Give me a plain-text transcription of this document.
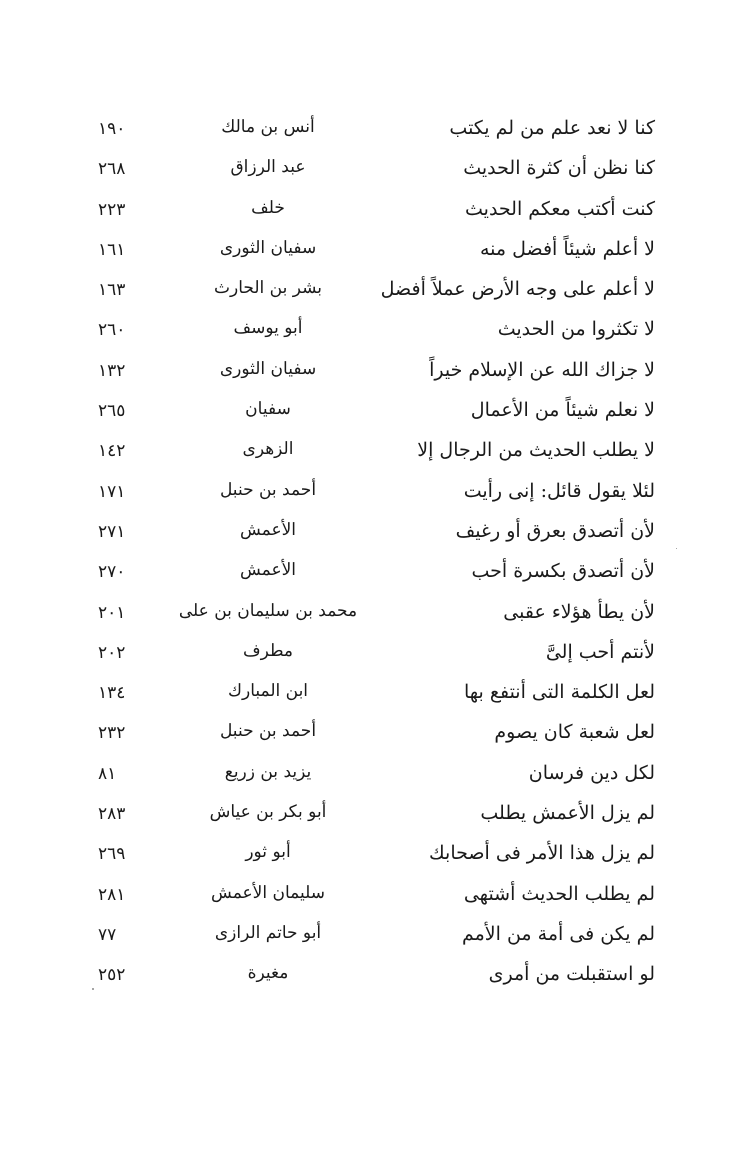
كنا لا نعد علم من لم يكتب
أنس بن مالك
١٩٠
كنا نظن أن كثرة الحديث
عبد الرزاق
٢٦٨
كنت أكتب معكم الحديث
خلف
٢٢٣
لا أعلم شيئاً أفضل منه
سفيان الثورى
١٦١
لا أعلم على وجه الأرض عملاً أفضل
بشر بن الحارث
١٦٣
لا تكثروا من الحديث
أبو يوسف
٢٦٠
لا جزاك الله عن الإسلام خيراً
سفيان الثورى
١٣٢
لا نعلم شيئاً من الأعمال
سفيان
٢٦٥
لا يطلب الحديث من الرجال إلا
الزهرى
١٤٢
لئلا يقول قائل: إنى رأيت
أحمد بن حنبل
١٧١
لأن أتصدق بعرق أو رغيف
الأعمش
٢٧١
لأن أتصدق بكسرة أحب
الأعمش
٢٧٠
لأن يطأ هؤلاء عقبى
محمد بن سليمان بن على
٢٠١
لأنتم أحب إلىَّ
مطرف
٢٠٢
لعل الكلمة التى أنتفع بها
ابن المبارك
١٣٤
لعل شعبة كان يصوم
أحمد بن حنبل
٢٣٢
لكل دين فرسان
يزيد بن زريع
٨١
لم يزل الأعمش يطلب
أبو بكر بن عياش
٢٨٣
لم يزل هذا الأمر فى أصحابك
أبو ثور
٢٦٩
لم يطلب الحديث أشتهى
سليمان الأعمش
٢٨١
لم يكن فى أمة من الأمم
أبو حاتم الرازى
٧٧
لو استقبلت من أمرى
مغيرة
٢٥٢
